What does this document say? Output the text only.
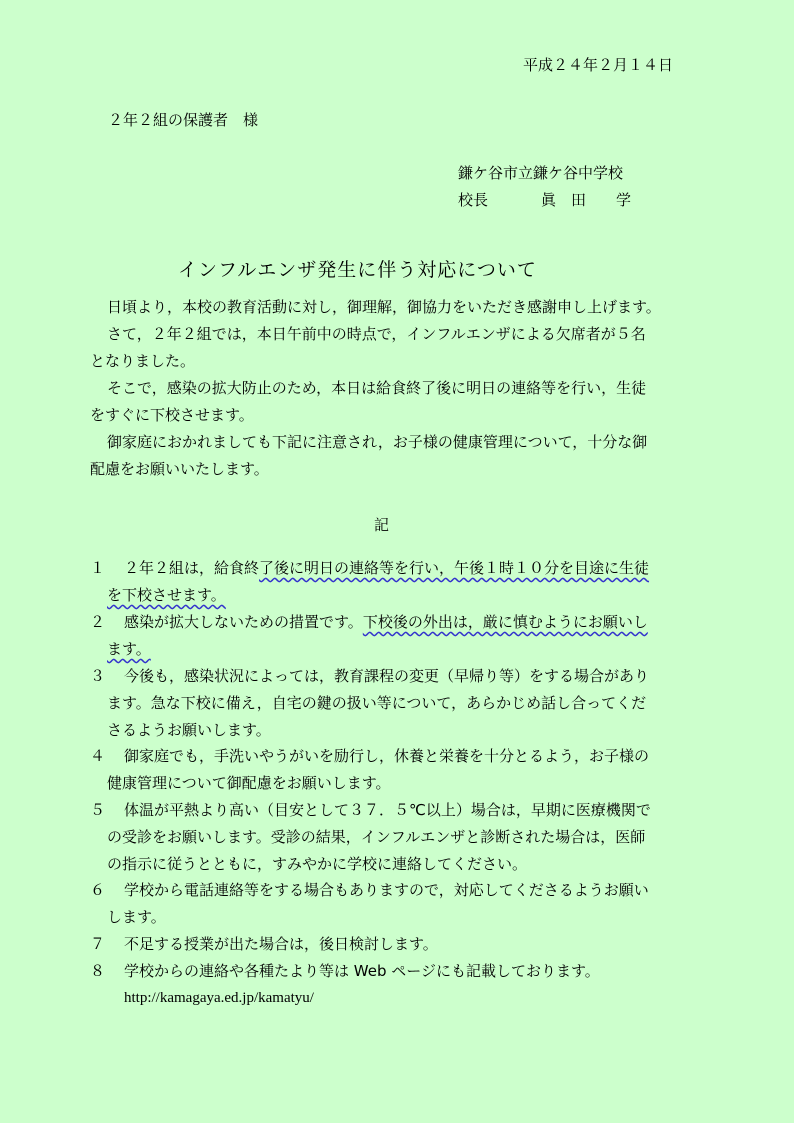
平成２４年２月１４日
２年２組の保護者　様
鎌ケ谷市立鎌ケ谷中学校
校長	眞　田　　学
インフルエンザ発生に伴う対応について
日頃より，本校の教育活動に対し，御理解，御協力をいただき感謝申し上げます。
さて，２年２組では，本日午前中の時点で，インフルエンザによる欠席者が５名
となりました。
そこで，感染の拡大防止のため，本日は給食終了後に明日の連絡等を行い，生徒
をすぐに下校させます。
御家庭におかれましても下記に注意され，お子様の健康管理について，十分な御
配慮をお願いいたします。
記
１ ２年２組は，給食終了後に明日の連絡等を行い，午後１時１０分を目途に生徒
を下校させます。
２ 感染が拡大しないための措置です。下校後の外出は，厳に慎むようにお願いし
ます。
３ 今後も，感染状況によっては，教育課程の変更（早帰り等）をする場合があり
ます。急な下校に備え，自宅の鍵の扱い等について，あらかじめ話し合ってくだ
さるようお願いします。
４ 御家庭でも，手洗いやうがいを励行し，休養と栄養を十分とるよう，お子様の
健康管理について御配慮をお願いします。
５ 体温が平熱より高い（目安として３７．５℃以上）場合は，早期に医療機関で
の受診をお願いします。受診の結果，インフルエンザと診断された場合は，医師
の指示に従うとともに，すみやかに学校に連絡してください。
６ 学校から電話連絡等をする場合もありますので，対応してくださるようお願い
します。
７ 不足する授業が出た場合は，後日検討します。
８ 学校からの連絡や各種たより等は Web ページにも記載しております。
http://kamagaya.ed.jp/kamatyu/
